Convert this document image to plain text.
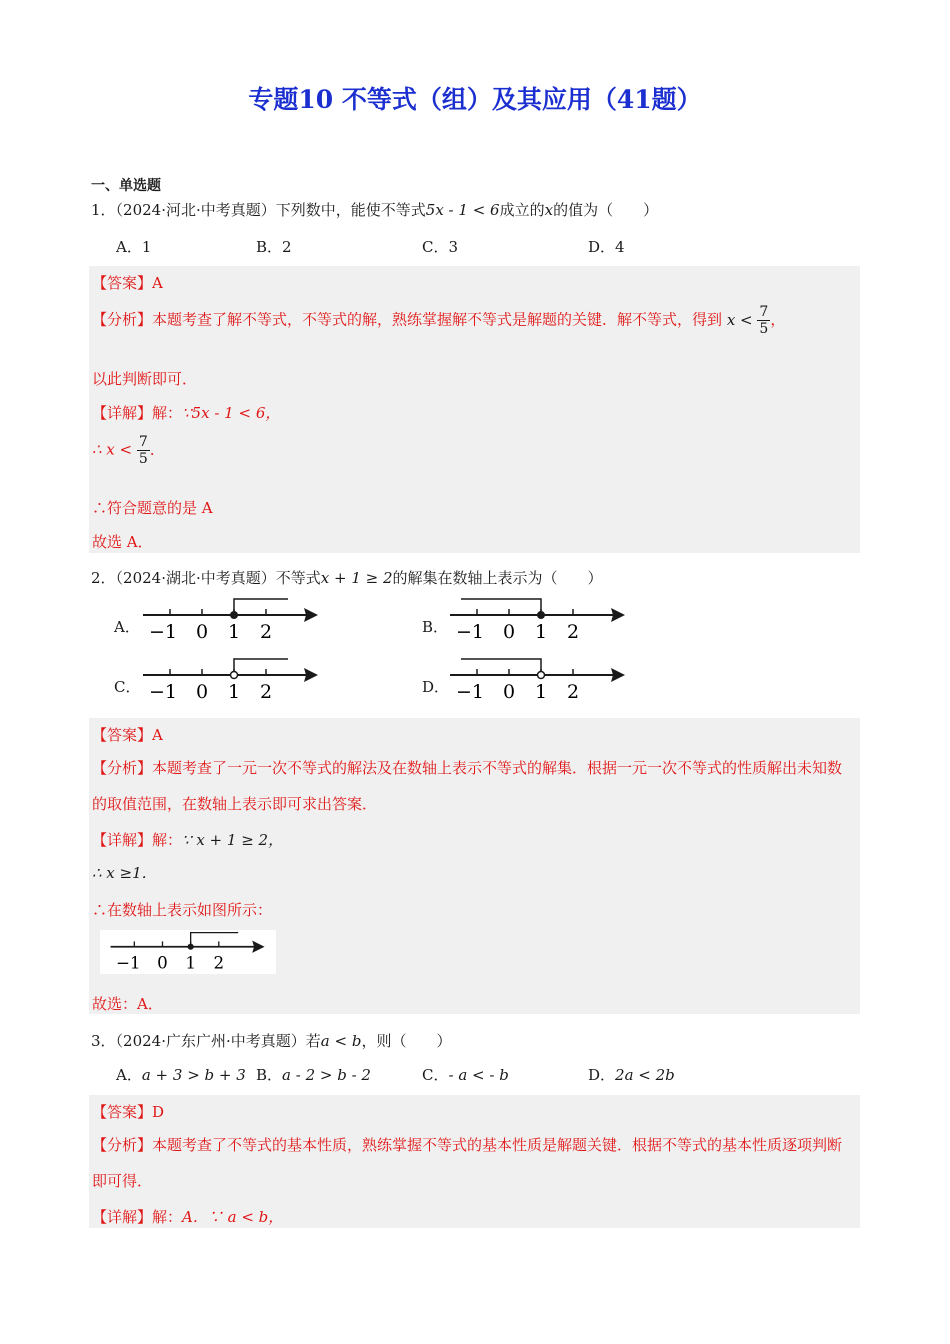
专题10 不等式（组）及其应用（41题）
一、单选题
1．（2024·河北·中考真题）下列数中，能使不等式5x - 1 < 6成立的x的值为（　　）
A．1	B．2	C．3	D．4
【答案】A
【分析】本题考查了解不等式，不等式的解，熟练掌握解不等式是解题的关键．解不等式，得到 $x < \frac{7}{5}$ ，
以此判断即可．
【详解】解：∵5x - 1 < 6，
∴ $x < \frac{7}{5}$ ．
∴符合题意的是 A
故选 A．
2．（2024·湖北·中考真题）不等式x + 1 ≥ 2的解集在数轴上表示为（　　）
A．	B．
C．	D．
−1 0 1 2	−1 0 1 2
−1 0 1 2	−1 0 1 2
【答案】A
【分析】本题考查了一元一次不等式的解法及在数轴上表示不等式的解集．根据一元一次不等式的性质解出未知数的取值范围，在数轴上表示即可求出答案．
【详解】解：∵ x + 1 ≥ 2，
∴ x ≥1．
∴在数轴上表示如图所示：
−1 0 1 2
故选：A．
3．（2024·广东广州·中考真题）若a < b，则（　　）
A．a + 3 > b + 3 B．a - 2 > b - 2	C．- a < - b	D．2a < 2b
【答案】D
【分析】本题考查了不等式的基本性质，熟练掌握不等式的基本性质是解题关键．根据不等式的基本性质逐项判断即可得．
【详解】解：A．∵ a < b，
